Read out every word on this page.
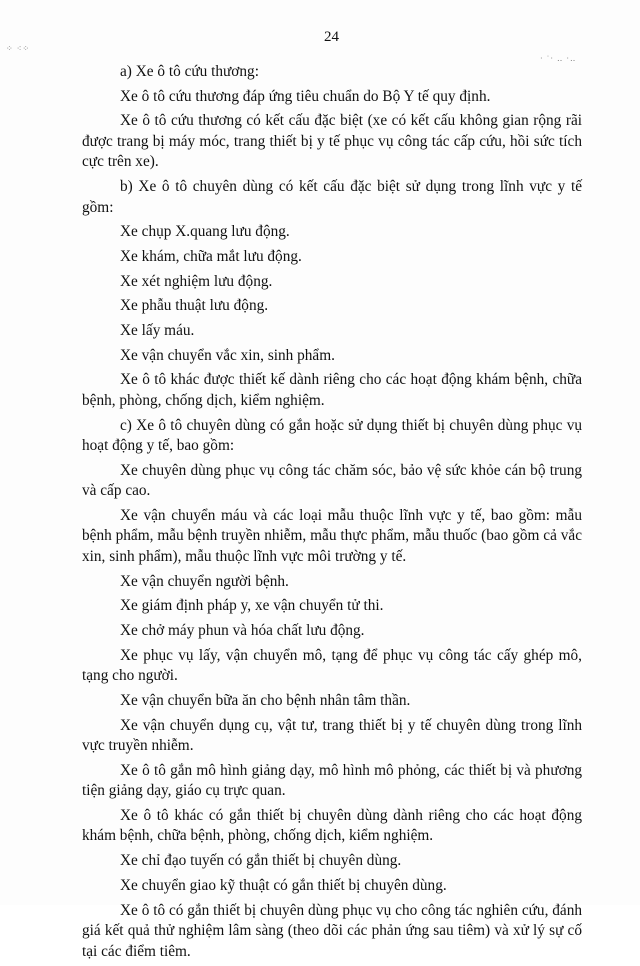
⁘ ⁖⁘
· ˙· ‥ ·‥
24

a) Xe ô tô cứu thương:

Xe ô tô cứu thương đáp ứng tiêu chuẩn do Bộ Y tế quy định.

Xe ô tô cứu thương có kết cấu đặc biệt (xe có kết cấu không gian rộng rãi được trang bị máy móc, trang thiết bị y tế phục vụ công tác cấp cứu, hồi sức tích cực trên xe).

b) Xe ô tô chuyên dùng có kết cấu đặc biệt sử dụng trong lĩnh vực y tế gồm:

Xe chụp X.quang lưu động.

Xe khám, chữa mắt lưu động.

Xe xét nghiệm lưu động.

Xe phẫu thuật lưu động.

Xe lấy máu.

Xe vận chuyển vắc xin, sinh phẩm.

Xe ô tô khác được thiết kế dành riêng cho các hoạt động khám bệnh, chữa bệnh, phòng, chống dịch, kiểm nghiệm.

c) Xe ô tô chuyên dùng có gắn hoặc sử dụng thiết bị chuyên dùng phục vụ hoạt động y tế, bao gồm:

Xe chuyên dùng phục vụ công tác chăm sóc, bảo vệ sức khỏe cán bộ trung và cấp cao.

Xe vận chuyển máu và các loại mẫu thuộc lĩnh vực y tế, bao gồm: mẫu bệnh phẩm, mẫu bệnh truyền nhiễm, mẫu thực phẩm, mẫu thuốc (bao gồm cả vắc xin, sinh phẩm), mẫu thuộc lĩnh vực môi trường y tế.

Xe vận chuyển người bệnh.

Xe giám định pháp y, xe vận chuyển tử thi.

Xe chở máy phun và hóa chất lưu động.

Xe phục vụ lấy, vận chuyển mô, tạng để phục vụ công tác cấy ghép mô, tạng cho người.

Xe vận chuyển bữa ăn cho bệnh nhân tâm thần.

Xe vận chuyển dụng cụ, vật tư, trang thiết bị y tế chuyên dùng trong lĩnh vực truyền nhiễm.

Xe ô tô gắn mô hình giảng dạy, mô hình mô phỏng, các thiết bị và phương tiện giảng dạy, giáo cụ trực quan.

Xe ô tô khác có gắn thiết bị chuyên dùng dành riêng cho các hoạt động khám bệnh, chữa bệnh, phòng, chống dịch, kiểm nghiệm.

Xe chỉ đạo tuyến có gắn thiết bị chuyên dùng.

Xe chuyển giao kỹ thuật có gắn thiết bị chuyên dùng.

Xe ô tô có gắn thiết bị chuyên dùng phục vụ cho công tác nghiên cứu, đánh giá kết quả thử nghiệm lâm sàng (theo dõi các phản ứng sau tiêm) và xử lý sự cố tại các điểm tiêm.
